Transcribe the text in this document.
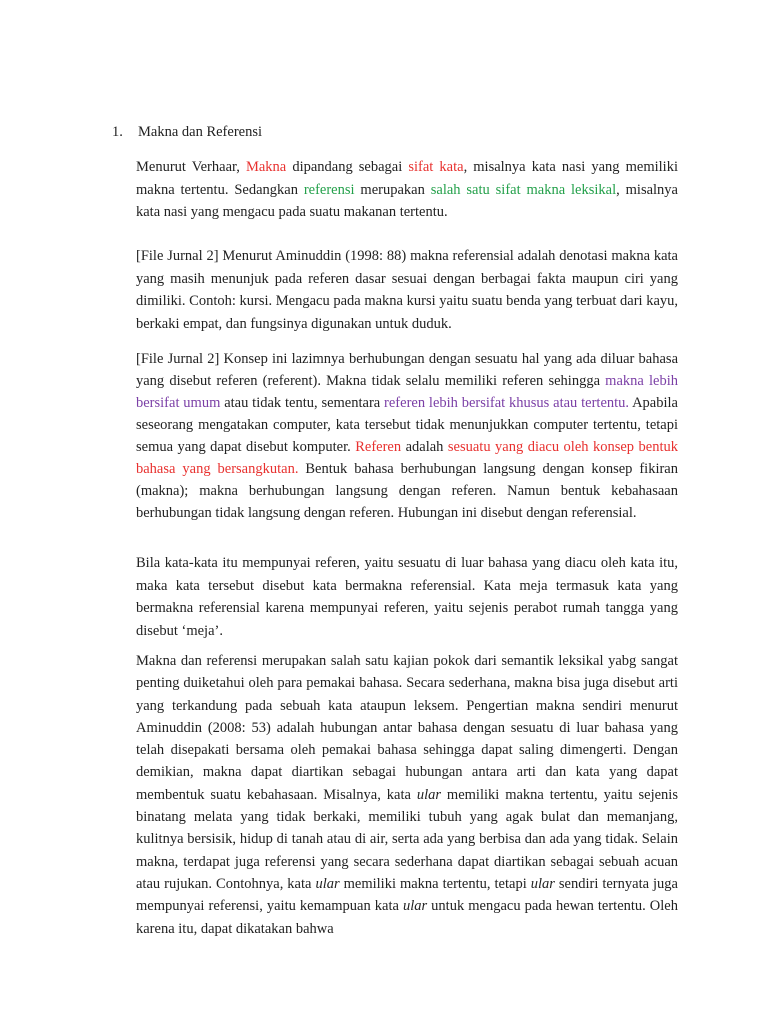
1. Makna dan Referensi

Menurut Verhaar, Makna dipandang sebagai sifat kata, misalnya kata nasi yang memiliki makna tertentu. Sedangkan referensi merupakan salah satu sifat makna leksikal, misalnya kata nasi yang mengacu pada suatu makanan tertentu.

[File Jurnal 2] Menurut Aminuddin (1998: 88) makna referensial adalah denotasi makna kata yang masih menunjuk pada referen dasar sesuai dengan berbagai fakta maupun ciri yang dimiliki. Contoh: kursi. Mengacu pada makna kursi yaitu suatu benda yang terbuat dari kayu, berkaki empat, dan fungsinya digunakan untuk duduk.

[File Jurnal 2] Konsep ini lazimnya berhubungan dengan sesuatu hal yang ada diluar bahasa yang disebut referen (referent). Makna tidak selalu memiliki referen sehingga makna lebih bersifat umum atau tidak tentu, sementara referen lebih bersifat khusus atau tertentu. Apabila seseorang mengatakan computer, kata tersebut tidak menunjukkan computer tertentu, tetapi semua yang dapat disebut komputer. Referen adalah sesuatu yang diacu oleh konsep bentuk bahasa yang bersangkutan. Bentuk bahasa berhubungan langsung dengan konsep fikiran (makna); makna berhubungan langsung dengan referen. Namun bentuk kebahasaan berhubungan tidak langsung dengan referen. Hubungan ini disebut dengan referensial.

Bila kata-kata itu mempunyai referen, yaitu sesuatu di luar bahasa yang diacu oleh kata itu, maka kata tersebut disebut kata bermakna referensial. Kata meja termasuk kata yang bermakna referensial karena mempunyai referen, yaitu sejenis perabot rumah tangga yang disebut ‘meja’.

Makna dan referensi merupakan salah satu kajian pokok dari semantik leksikal yabg sangat penting duiketahui oleh para pemakai bahasa. Secara sederhana, makna bisa juga disebut arti yang terkandung pada sebuah kata ataupun leksem. Pengertian makna sendiri menurut Aminuddin (2008: 53) adalah hubungan antar bahasa dengan sesuatu di luar bahasa yang telah disepakati bersama oleh pemakai bahasa sehingga dapat saling dimengerti. Dengan demikian, makna dapat diartikan sebagai hubungan antara arti dan kata yang dapat membentuk suatu kebahasaan. Misalnya, kata ular memiliki makna tertentu, yaitu sejenis binatang melata yang tidak berkaki, memiliki tubuh yang agak bulat dan memanjang, kulitnya bersisik, hidup di tanah atau di air, serta ada yang berbisa dan ada yang tidak. Selain makna, terdapat juga referensi yang secara sederhana dapat diartikan sebagai sebuah acuan atau rujukan. Contohnya, kata ular memiliki makna tertentu, tetapi ular sendiri ternyata juga mempunyai referensi, yaitu kemampuan kata ular untuk mengacu pada hewan tertentu. Oleh karena itu, dapat dikatakan bahwa
